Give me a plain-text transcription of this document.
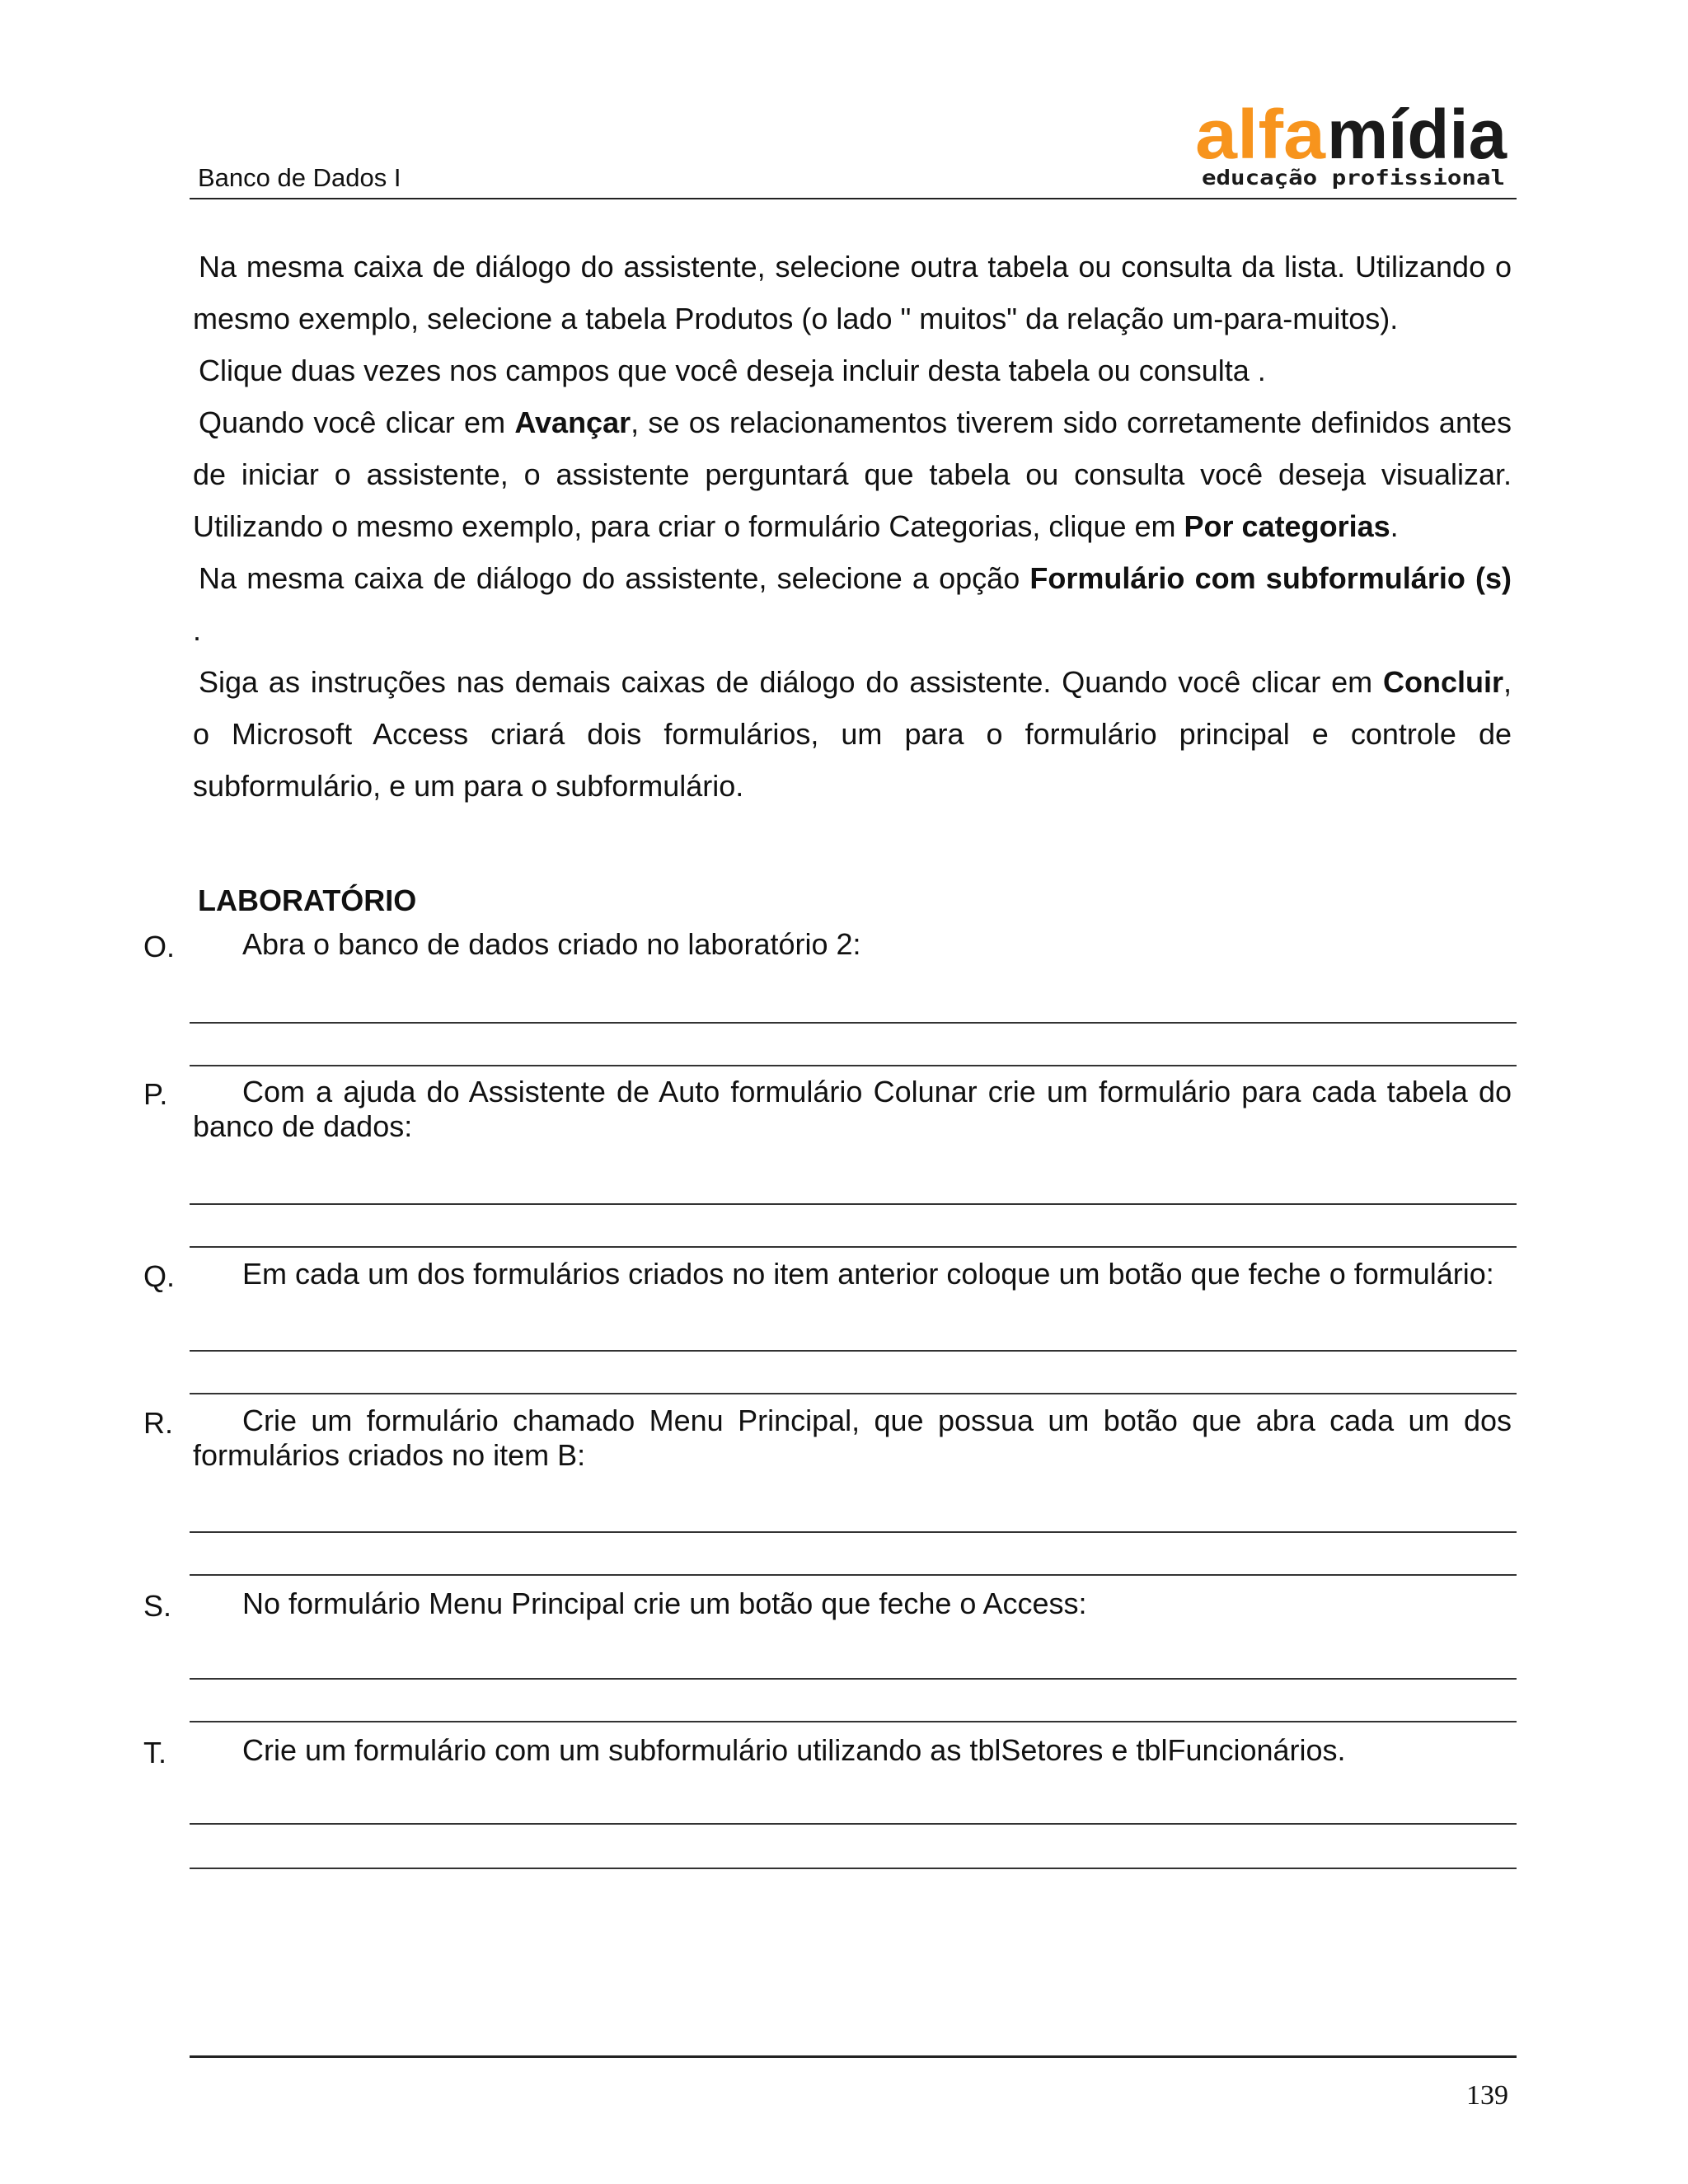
Banco de Dados I
alfa mídia
educação profissional
Na mesma caixa de diálogo do assistente, selecione outra tabela ou consulta da lista. Utilizando o
mesmo exemplo, selecione a tabela Produtos (o lado " muitos" da relação um-para-muitos).
Clique duas vezes nos campos que você deseja incluir desta tabela ou consulta .
Quando você clicar em Avançar, se os relacionamentos tiverem sido corretamente definidos antes
de iniciar o assistente, o assistente perguntará que tabela ou consulta você deseja visualizar.
Utilizando o mesmo exemplo, para criar o formulário Categorias, clique em Por categorias.
Na mesma caixa de diálogo do assistente, selecione a opção Formulário com subformulário (s)
.
Siga as instruções nas demais caixas de diálogo do assistente. Quando você clicar em Concluir,
o Microsoft Access criará dois formulários, um para o formulário principal e controle de
subformulário, e um para o subformulário.
LABORATÓRIO
O. Abra o banco de dados criado no laboratório 2:
P.	Com a ajuda do Assistente de Auto formulário Colunar crie um formulário para cada tabela do
banco de dados:
Q. Em cada um dos formulários criados no item anterior coloque um botão que feche o formulário:
R. Crie um formulário chamado Menu Principal, que possua um botão que abra cada um dos
formulários criados no item B:
S. No formulário Menu Principal crie um botão que feche o Access:
T.	Crie um formulário com um subformulário utilizando as tblSetores e tblFuncionários.
139
